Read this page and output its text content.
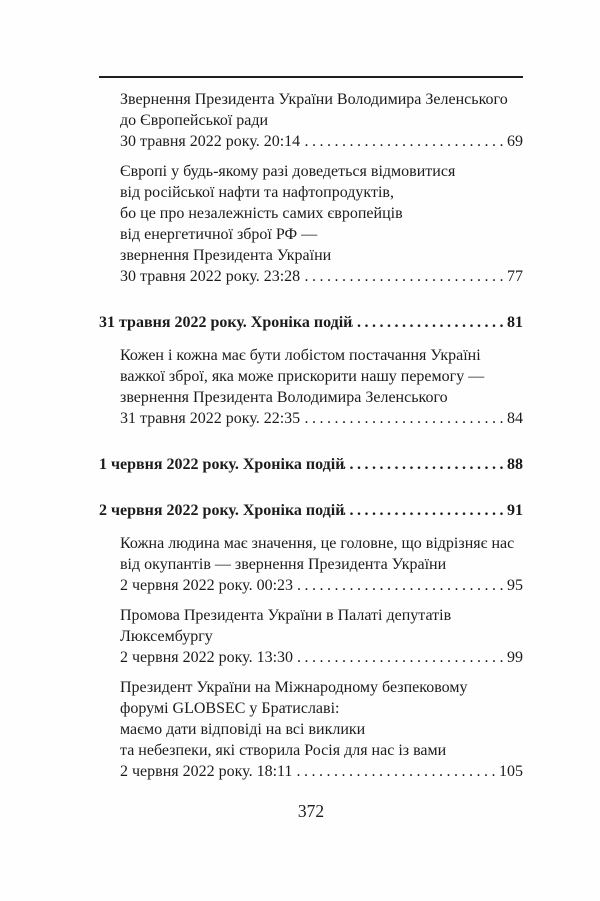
Звернення Президента України Володимира Зеленського
до Європейської ради
30 травня 2022 року. 20:14 .....	69
Європі у будь-якому разі доведеться відмовитися
від російської нафти та нафтопродуктів,
бо це про незалежність самих європейців
від енергетичної зброї РФ —
звернення Президента України
30 травня 2022 року. 23:28 .....	77
31 травня 2022 року. Хроніка подій .....	81
Кожен і кожна має бути лобістом постачання Україні
важкої зброї, яка може прискорити нашу перемогу —
звернення Президента Володимира Зеленського
31 травня 2022 року. 22:35 .....	84
1 червня 2022 року. Хроніка подій .....	88
2 червня 2022 року. Хроніка подій .....	91
Кожна людина має значення, це головне, що відрізняє нас
від окупантів — звернення Президента України
2 червня 2022 року. 00:23 .....	95
Промова Президента України в Палаті депутатів
Люксембургу
2 червня 2022 року. 13:30 .....	99
Президент України на Міжнародному безпековому
форумі GLOBSEC у Братиславі:
маємо дати відповіді на всі виклики
та небезпеки, які створила Росія для нас із вами
2 червня 2022 року. 18:11 .....	105
372
